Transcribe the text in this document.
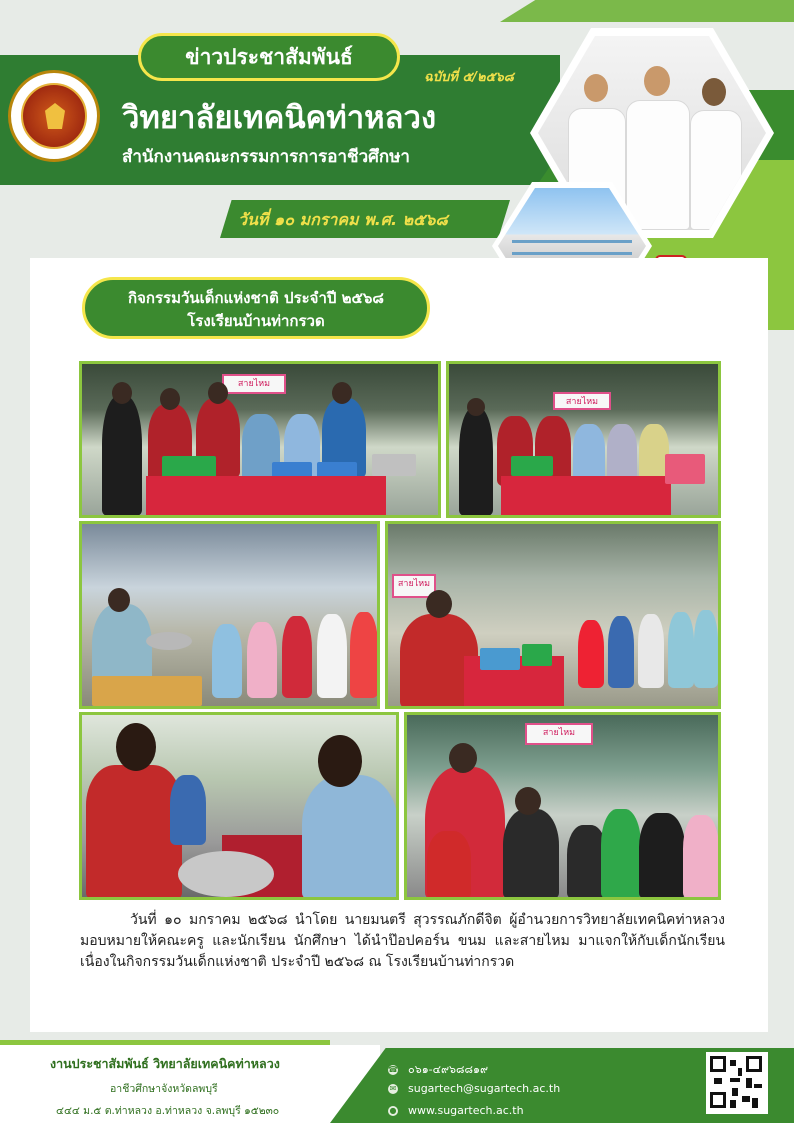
ข่าวประชาสัมพันธ์
ฉบับที่ ๕/๒๕๖๘
วิทยาลัยเทคนิคท่าหลวง
สำนักงานคณะกรรมการการอาชีวศึกษา
วันที่ ๑๐ มกราคม พ.ศ. ๒๕๖๘
กิจกรรมวันเด็กแห่งชาติ ประจำปี ๒๕๖๘
โรงเรียนบ้านท่ากรวด
สายไหม
สายไหม
สายไหม
สายไหม
วันที่ ๑๐ มกราคม ๒๕๖๘ นำโดย นายมนตรี สุวรรณภักดีจิต ผู้อำนวยการวิทยาลัยเทคนิคท่าหลวง มอบหมายให้คณะครู และนักเรียน นักศึกษา ได้นำป๊อปคอร์น ขนม และสายไหม มาแจกให้กับเด็กนักเรียน เนื่องในกิจกรรมวันเด็กแห่งชาติ ประจำปี ๒๕๖๘ ณ โรงเรียนบ้านท่ากรวด
งานประชาสัมพันธ์ วิทยาลัยเทคนิคท่าหลวง
อาชีวศึกษาจังหวัดลพบุรี
๔๔๔ ม.๕ ต.ท่าหลวง อ.ท่าหลวง จ.ลพบุรี ๑๕๒๓๐
☎ ๐๖๑-๔๙๖๘๘๑๙
✉ sugartech@sugartech.ac.th
● www.sugartech.ac.th
